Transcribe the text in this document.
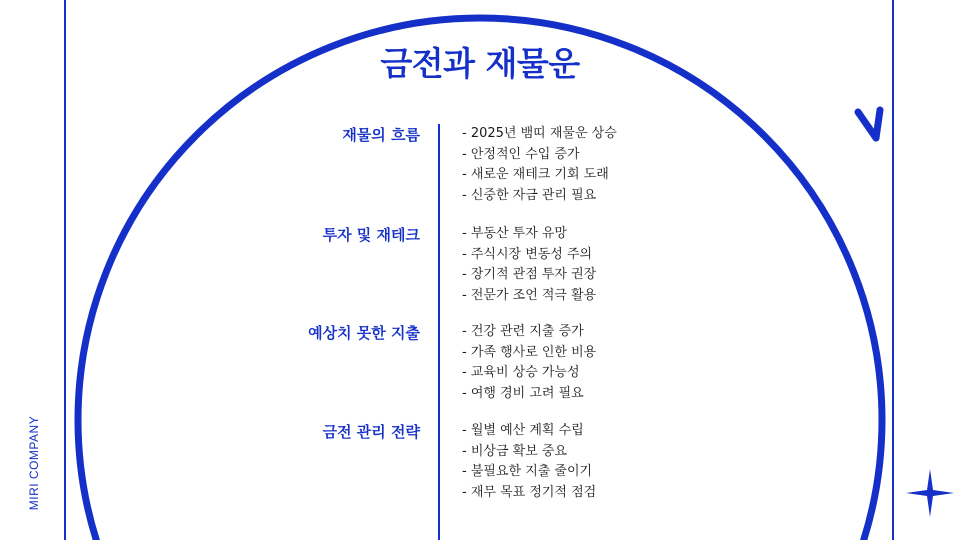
MIRI COMPANY
금전과 재물운
재물의 흐름	- 2025년 뱀띠 재물운 상승
- 안정적인 수입 증가
- 새로운 재테크 기회 도래
- 신중한 자금 관리 필요
투자 및 재테크	- 부동산 투자 유망
- 주식시장 변동성 주의
- 장기적 관점 투자 권장
- 전문가 조언 적극 활용
예상치 못한 지출	- 건강 관련 지출 증가
- 가족 행사로 인한 비용
- 교육비 상승 가능성
- 여행 경비 고려 필요
금전 관리 전략	- 월별 예산 계획 수립
- 비상금 확보 중요
- 불필요한 지출 줄이기
- 재무 목표 정기적 점검
